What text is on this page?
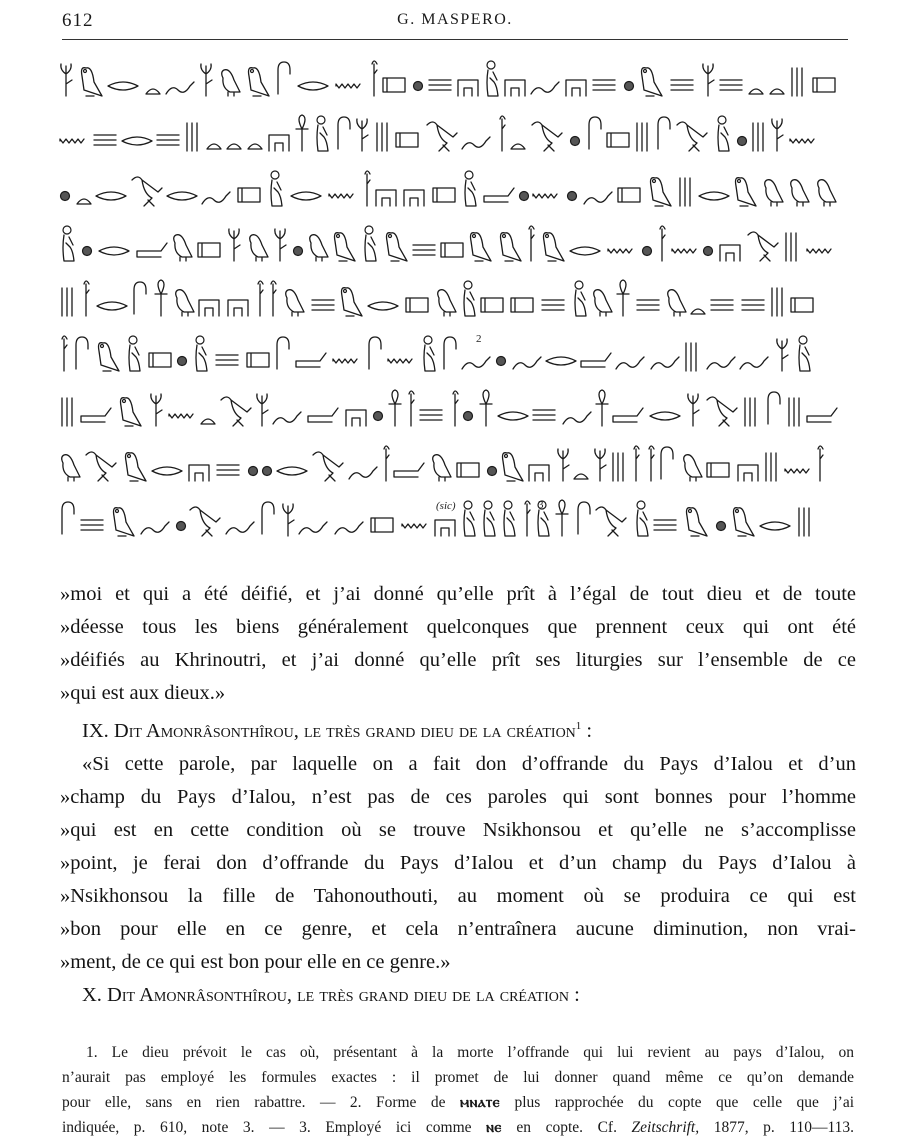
612	G. MASPERO.
2
(sic)	3

»moi et qui a été déifié, et j’ai donné qu’elle prît à l’égal de tout dieu et de toute

»déesse tous les biens généralement quelconques que prennent ceux qui ont été

»déifiés au Khrinoutri, et j’ai donné qu’elle prît ses liturgies sur l’ensemble de ce

»qui est aux dieux.»

IX. Dit Amonrâsonthîrou, le très grand dieu de la création$^1$ :

«Si cette parole, par laquelle on a fait don d’offrande du Pays d’Ialou et d’un

»champ du Pays d’Ialou, n’est pas de ces paroles qui sont bonnes pour l’homme

»qui est en cette condition où se trouve Nsikhonsou et qu’elle ne s’accomplisse

»point, je ferai don d’offrande du Pays d’Ialou et d’un champ du Pays d’Ialou à

»Nsikhonsou la fille de Tahonouthouti, au moment où se produira ce qui est

»bon pour elle en ce genre, et cela n’entraînera aucune diminution, non vrai-

»ment, de ce qui est bon pour elle en ce genre.»

X. Dit Amonrâsonthîrou, le très grand dieu de la création :

1. Le dieu prévoit le cas où, présentant à la morte l’offrande qui lui revient au pays d’Ialou, on

n’aurait pas employé les formules exactes : il promet de lui donner quand même ce qu’on demande

pour elle, sans en rien rabattre. — 2. Forme de ⲙⲛⲁⲧⲉ plus rapprochée du copte que celle que j’ai

indiquée, p. 610, note 3. — 3. Employé ici comme ⲛⲉ en copte. Cf. Zeitschrift, 1877, p. 110—113.
